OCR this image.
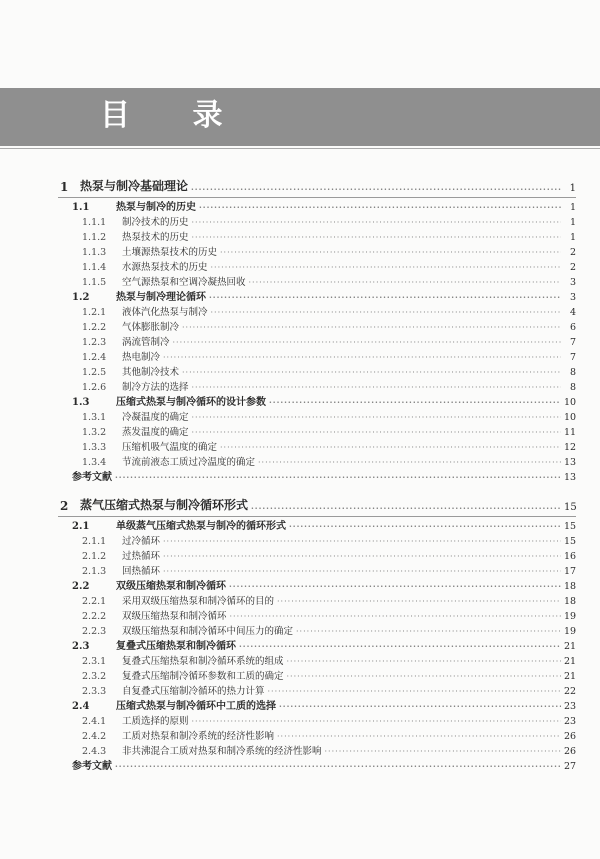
目 录
1 热泵与制冷基础理论 ·····	1
1.1	热泵与制冷的历史 ·····	1
1.1.1	制冷技术的历史 ·····	1
1.1.2	热泵技术的历史 ·····	1
1.1.3	土壤源热泵技术的历史 ·····	2
1.1.4	水源热泵技术的历史 ·····	2
1.1.5	空气源热泵和空调冷凝热回收 ·····	3
1.2	热泵与制冷理论循环 ·····	3
1.2.1	液体汽化热泵与制冷 ·····	4
1.2.2	气体膨胀制冷 ·····	6
1.2.3	涡流管制冷 ·····	7
1.2.4	热电制冷 ·····	7
1.2.5	其他制冷技术 ·····	8
1.2.6	制冷方法的选择 ·····	8
1.3	压缩式热泵与制冷循环的设计参数 ·····	10
1.3.1	冷凝温度的确定 ·····	10
1.3.2	蒸发温度的确定 ·····	11
1.3.3	压缩机吸气温度的确定 ·····	12
1.3.4	节流前液态工质过冷温度的确定 ·····	13
参考文献 ·····	13
2 蒸气压缩式热泵与制冷循环形式 ·····	15
2.1	单级蒸气压缩式热泵与制冷的循环形式 ·····	15
2.1.1	过冷循环 ·····	15
2.1.2	过热循环 ·····	16
2.1.3	回热循环 ·····	17
2.2	双级压缩热泵和制冷循环 ·····	18
2.2.1	采用双级压缩热泵和制冷循环的目的 ·····	18
2.2.2	双级压缩热泵和制冷循环 ·····	19
2.2.3	双级压缩热泵和制冷循环中间压力的确定 ·····	19
2.3	复叠式压缩热泵和制冷循环 ·····	21
2.3.1	复叠式压缩热泵和制冷循环系统的组成 ·····	21
2.3.2	复叠式压缩制冷循环参数和工质的确定 ·····	21
2.3.3	自复叠式压缩制冷循环的热力计算 ·····	22
2.4	压缩式热泵与制冷循环中工质的选择 ·····	23
2.4.1	工质选择的原则 ·····	23
2.4.2	工质对热泵和制冷系统的经济性影响 ·····	26
2.4.3	非共沸混合工质对热泵和制冷系统的经济性影响 ·····	26
参考文献 ·····	27
